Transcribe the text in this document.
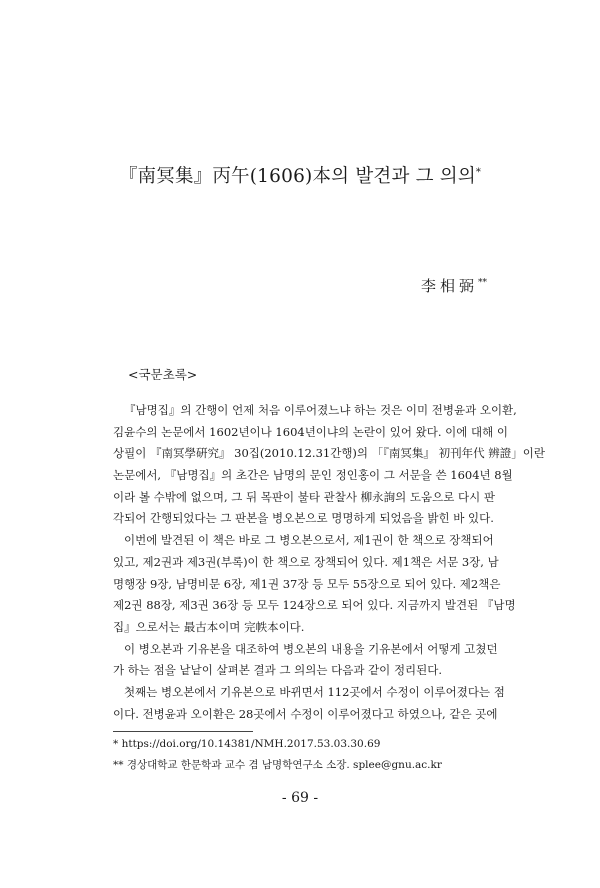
『南冥集』丙午(1606)本의 발견과 그 의의*
李相弼**
<국문초록>
『남명집』의 간행이 언제 처음 이루어졌느냐 하는 것은 이미 전병윤과 오이환,
김윤수의 논문에서 1602년이나 1604년이냐의 논란이 있어 왔다. 이에 대해 이
상필이 『南冥學硏究』 30집(2010.12.31간행)의 「『南冥集』 初刊年代 辨證」이란
논문에서, 『남명집』의 초간은 남명의 문인 정인홍이 그 서문을 쓴 1604년 8월
이라 볼 수밖에 없으며, 그 뒤 목판이 불타 관찰사 柳永詢의 도움으로 다시 판
각되어 간행되었다는 그 판본을 병오본으로 명명하게 되었음을 밝힌 바 있다.
이번에 발견된 이 책은 바로 그 병오본으로서, 제1권이 한 책으로 장책되어
있고, 제2권과 제3권(부록)이 한 책으로 장책되어 있다. 제1책은 서문 3장, 남
명행장 9장, 남명비문 6장, 제1권 37장 등 모두 55장으로 되어 있다. 제2책은
제2권 88장, 제3권 36장 등 모두 124장으로 되어 있다. 지금까지 발견된 『남명
집』으로서는 最古本이며 完帙本이다.
이 병오본과 기유본을 대조하여 병오본의 내용을 기유본에서 어떻게 고쳤던
가 하는 점을 낱낱이 살펴본 결과 그 의의는 다음과 같이 정리된다.
첫째는 병오본에서 기유본으로 바뀌면서 112곳에서 수정이 이루어졌다는 점
이다. 전병윤과 오이환은 28곳에서 수정이 이루어졌다고 하였으나, 같은 곳에
* https://doi.org/10.14381/NMH.2017.53.03.30.69
** 경상대학교 한문학과 교수 겸 남명학연구소 소장. splee@gnu.ac.kr
- 69 -
